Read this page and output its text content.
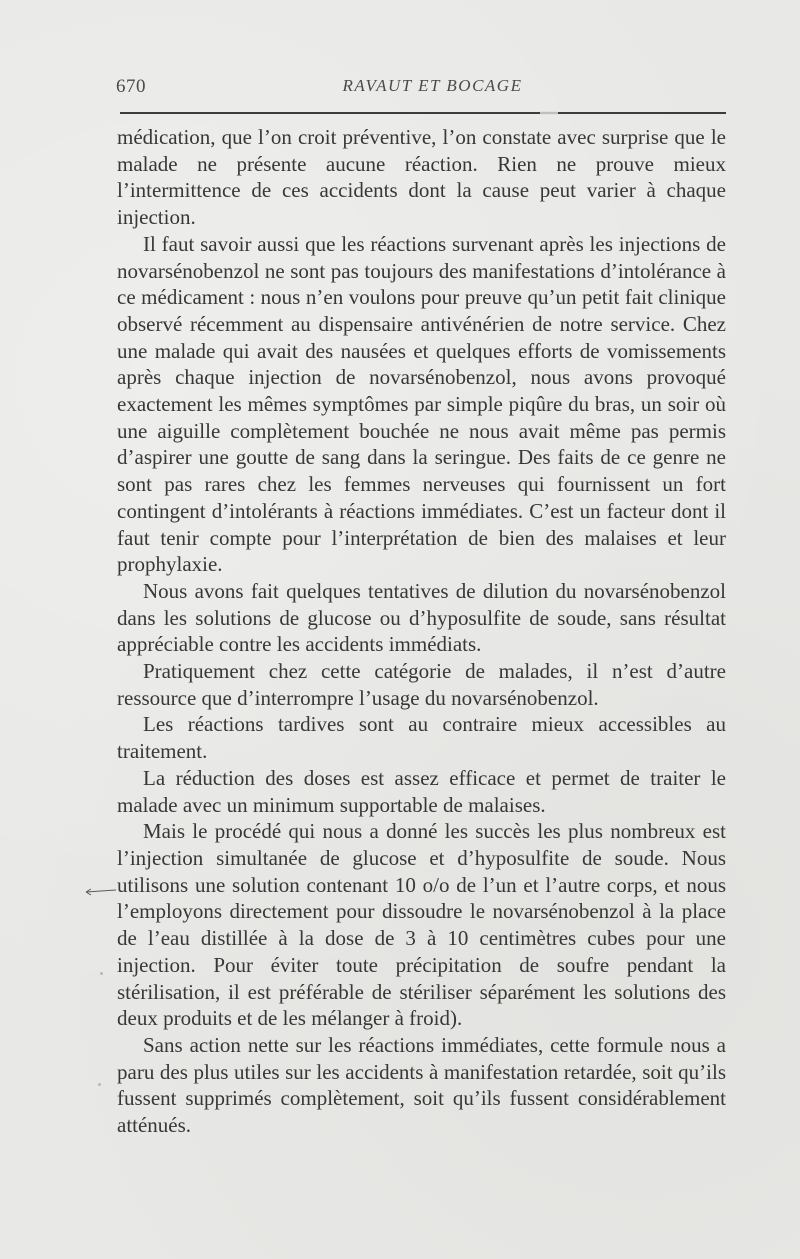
670	RAVAUT ET BOCAGE

médication, que l’on croit préventive, l’on constate avec surprise que le malade ne présente aucune réaction. Rien ne prouve mieux l’intermittence de ces accidents dont la cause peut varier à chaque injection.

Il faut savoir aussi que les réactions survenant après les injections de novarsénobenzol ne sont pas toujours des manifestations d’intolérance à ce médicament : nous n’en voulons pour preuve qu’un petit fait clinique observé récemment au dispensaire antivénérien de notre service. Chez une malade qui avait des nausées et quelques efforts de vomissements après chaque injection de novarsénobenzol, nous avons provoqué exactement les mêmes symptômes par simple piqûre du bras, un soir où une aiguille complètement bouchée ne nous avait même pas permis d’aspirer une goutte de sang dans la seringue. Des faits de ce genre ne sont pas rares chez les femmes nerveuses qui fournissent un fort contingent d’intolérants à réactions immédiates. C’est un facteur dont il faut tenir compte pour l’interprétation de bien des malaises et leur prophylaxie.

Nous avons fait quelques tentatives de dilution du novarsénobenzol dans les solutions de glucose ou d’hyposulfite de soude, sans résultat appréciable contre les accidents immédiats.

Pratiquement chez cette catégorie de malades, il n’est d’autre ressource que d’interrompre l’usage du novarsénobenzol.

Les réactions tardives sont au contraire mieux accessibles au traitement.

La réduction des doses est assez efficace et permet de traiter le malade avec un minimum supportable de malaises.

Mais le procédé qui nous a donné les succès les plus nombreux est l’injection simultanée de glucose et d’hyposulfite de soude. Nous utilisons une solution contenant 10 o/o de l’un et l’autre corps, et nous l’employons directement pour dissoudre le novarsénobenzol à la place de l’eau distillée à la dose de 3 à 10 centimètres cubes pour une injection. Pour éviter toute précipitation de soufre pendant la stérilisation, il est préférable de stériliser séparément les solutions des deux produits et de les mélanger à froid).

Sans action nette sur les réactions immédiates, cette formule nous a paru des plus utiles sur les accidents à manifestation retardée, soit qu’ils fussent supprimés complètement, soit qu’ils fussent considérablement atténués.
